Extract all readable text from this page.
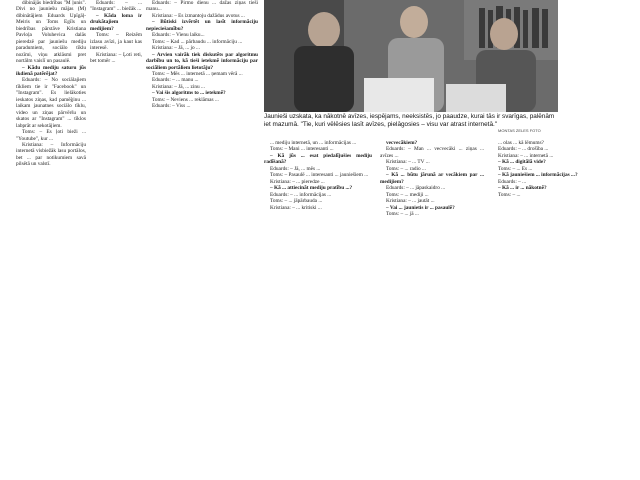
dibinājās biedrības "M ļunis". Divi no jauniešu mājas (M) dibinātājiem Eduards Upīgāļ-Meiris un Toms Egīls un biedrības pārstāve Kristiana Pavloļa Voluhevica dalās pieredzē par jauniešu mediju paradumiem, sociālo tīklu nozīmi, viņu atklāsmi pret nortālm vaislī un pasaulē.

– Kādu mediju saturu jūs ikdienā patērējat?

Eduards: – No sociālajiem tīkliem tie ir "Facebook" un "Instagram". Es lielākoties ieskatos ziņas, kad pamēģinu ... laikam jaunatnes sociālo tīklu, video un ziņas pārvēršu un skatos ar "Instagram" ... tīklos labprāt ar sekotājiem.

Toms: – Es ļoti bieži ... "Youtube", kur ...

Kristiana: – Informāciju internetā visbiežāk lasu portālos, bet ... par notikumiem savā pilsētā un valstī.

Eduards: – ... "Instagram" ... biežāk ...

– Kāda loma ir drukātajiem medijiem?

Toms: – Reizēm izlasu avīzi, ja kaut kas interesē.

Kristiana: – Ļoti reti, bet tomēr ...

Eduards: – Pirmo dienu ... dažas ziņas tieši manu...

Kristiana: – Es izmantoju dažādus avotus ...

– Būtiski izvērtēt un lasīt informāciju nepieciešamību?

Eduards: – Vienu laiku...

Toms: – Kad ... pārbaudu ... informāciju ...

Kristiana: – Jā, ... jo ...

– Arvien vairāk tiek diskutēts par algoritmu darbību un to, kā tieši ietekmē informāciju par sociāliem portāliem lietotāju?

Toms: – Mēs ... internetā ... ņemam vērā ...

Eduards: – ... manu ...

Kristiana: – Jā, ... zinu ...

– Vai šis algoritms to ... ietekmē?

Toms: – Neviens ... reklāmas ...

Eduards: – Viss ...

Jaunieši uzskata, ka nākotnē avīzes, iespējams, neeksistēs, jo paaudze, kurai tās ir svarīgas, palēnām iet mazumā. "Tie, kuri vēlēsies lasīt avīzes, pielāgosies – visu var atrast internetā."
MONTAS ZELES FOTO

... mediju internetā, un ... informācijas ...

Toms: – Mani ... interesanti ...

– Kā jūs ... esat piedalījušies mediju radīšanā?

Eduards: – Jā, ... mēs ...

Toms: – Pasaulē ... interesanti ... jauniešiem ...

Kristiana: – ... pieredze ...

– Kā ... attiecināt mediju pratību ...?

Eduards: – ... informācijas ...

Toms: – ... jāpārbauda ...

Kristiana: – ... kritiski ...

vecvecākiem?

Eduards: – Man ... vecvecāki ... ziņas ... avīzes ...

Kristiana: – ... TV ...

Toms: – ... radio ...

– Kā ... būtu jārunā ar vecākiem par ... medijiem?

Eduards: – ... jāpaskaidro ...

Toms: – ... mediji ...

Kristiana: – ... jautāt ...

– Vai ... jaunietis ir ... pasaulē?

Toms: – ... jā ...

... olas ... kā lēmums?

Eduards: – ... drošība ...

Kristiana: – ... internetā ...

– Kā ... digitālā vide?

Toms: – ... Es ...

– Kā jauniešiem ... informācijas ...?

Eduards: – ...

– Kā ... ir ... nākotnē?

Toms: – ...
